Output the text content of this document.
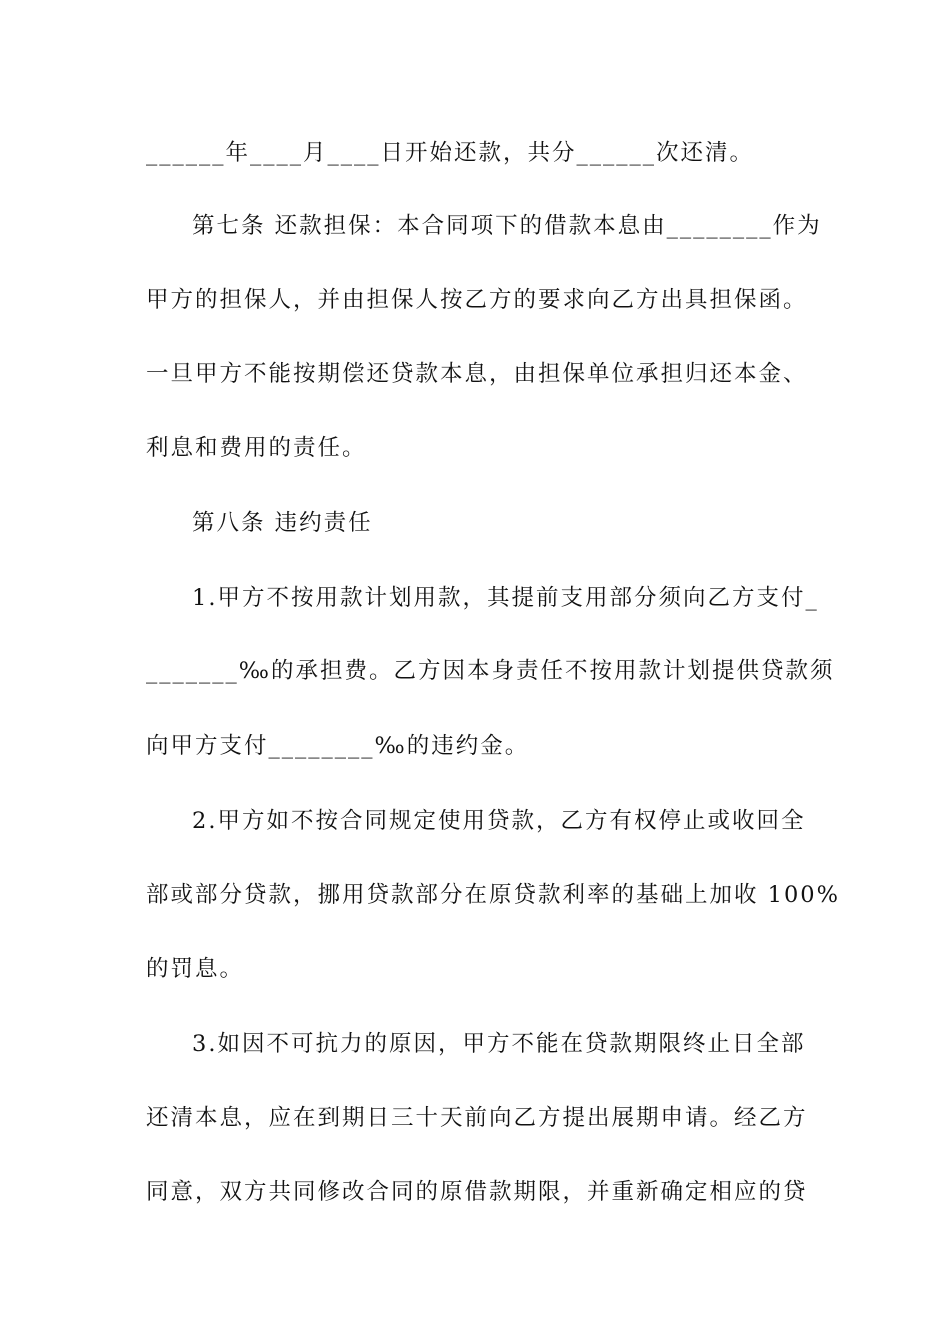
______年____月____日开始还款，共分______次还清。
第七条 还款担保：本合同项下的借款本息由________作为
甲方的担保人，并由担保人按乙方的要求向乙方出具担保函。
一旦甲方不能按期偿还贷款本息，由担保单位承担归还本金、
利息和费用的责任。
第八条 违约责任
1.甲方不按用款计划用款，其提前支用部分须向乙方支付_
_______‰的承担费。乙方因本身责任不按用款计划提供贷款须
向甲方支付________‰的违约金。
2.甲方如不按合同规定使用贷款，乙方有权停止或收回全
部或部分贷款，挪用贷款部分在原贷款利率的基础上加收 100%
的罚息。
3.如因不可抗力的原因，甲方不能在贷款期限终止日全部
还清本息，应在到期日三十天前向乙方提出展期申请。经乙方
同意，双方共同修改合同的原借款期限，并重新确定相应的贷
